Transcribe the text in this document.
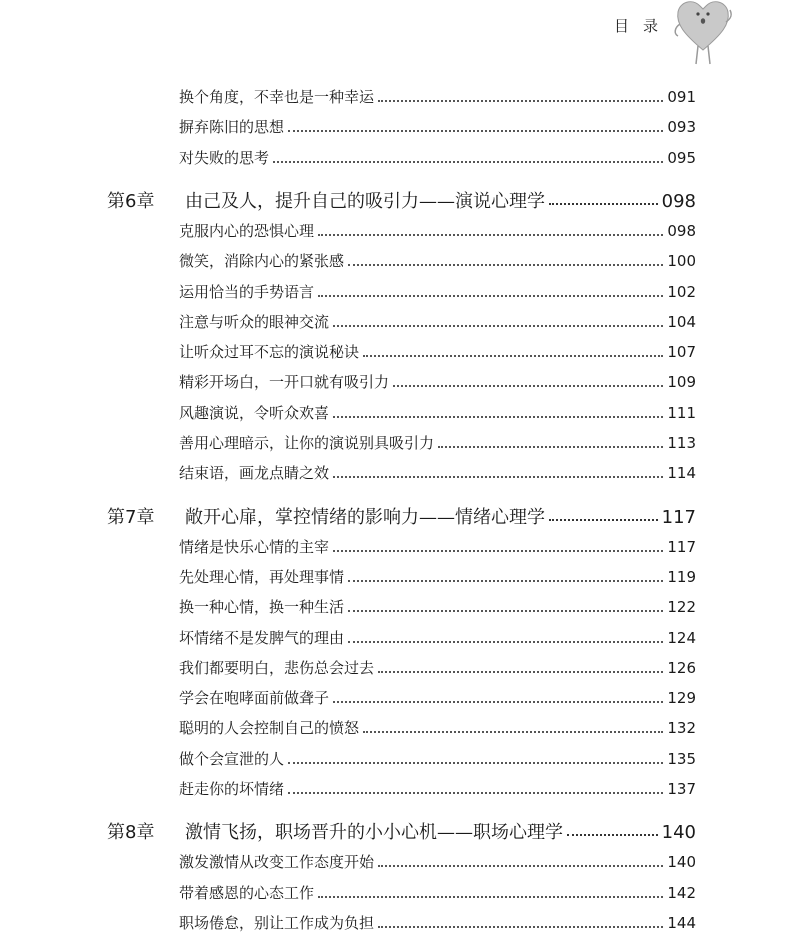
目录
换个角度，不幸也是一种幸运	091
摒弃陈旧的思想	093
对失败的思考	095
第6章	由己及人，提升自己的吸引力——演说心理学	098
克服内心的恐惧心理	098
微笑，消除内心的紧张感	100
运用恰当的手势语言	102
注意与听众的眼神交流	104
让听众过耳不忘的演说秘诀	107
精彩开场白，一开口就有吸引力	109
风趣演说，令听众欢喜	111
善用心理暗示，让你的演说别具吸引力	113
结束语，画龙点睛之效	114
第7章	敞开心扉，掌控情绪的影响力——情绪心理学	117
情绪是快乐心情的主宰	117
先处理心情，再处理事情	119
换一种心情，换一种生活	122
坏情绪不是发脾气的理由	124
我们都要明白，悲伤总会过去	126
学会在咆哮面前做聋子	129
聪明的人会控制自己的愤怒	132
做个会宣泄的人	135
赶走你的坏情绪	137
第8章	激情飞扬，职场晋升的小小心机——职场心理学	140
激发激情从改变工作态度开始	140
带着感恩的心态工作	142
职场倦怠，别让工作成为负担	144
